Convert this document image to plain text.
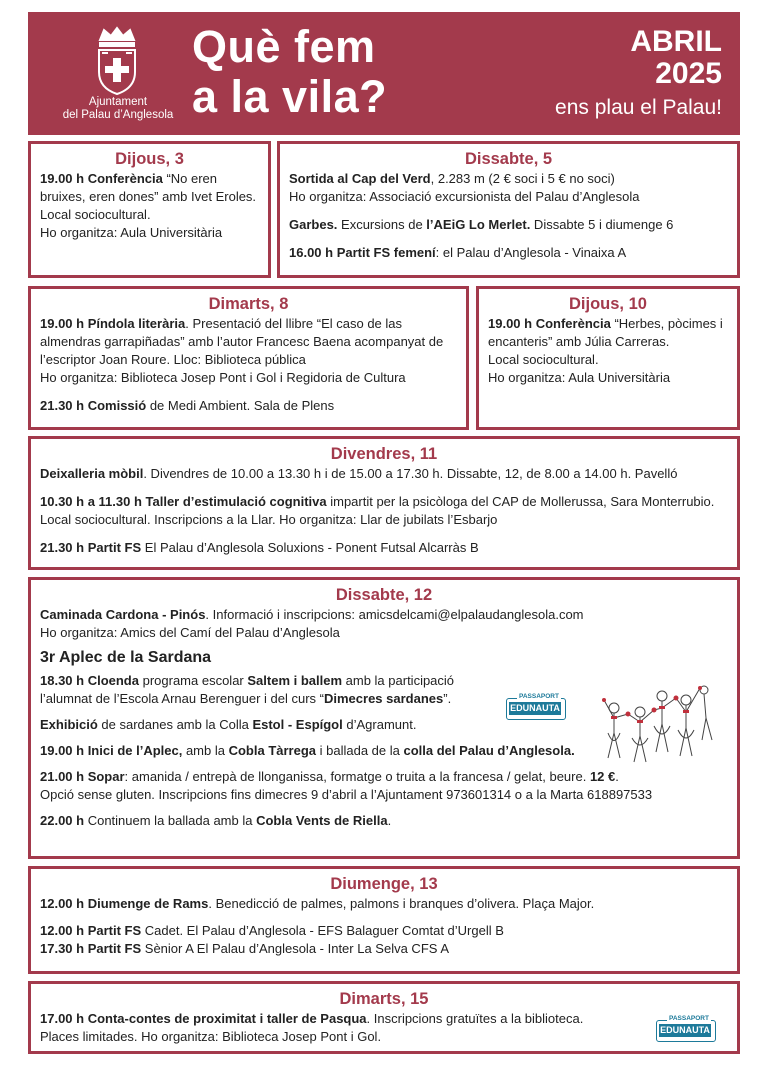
Ajuntament
del Palau d’Anglesola
Què fem
a la vila?
ABRIL
2025
ens plau el Palau!
Dijous, 3

19.00 h Conferència “No eren bruixes, eren dones” amb Ivet Eroles.

Local sociocultural.

Ho organitza: Aula Universitària

Dissabte, 5

Sortida al Cap del Verd, 2.283 m (2 € soci i 5 € no soci)

Ho organitza: Associació excursionista del Palau d’Anglesola

Garbes. Excursions de l’AEiG Lo Merlet. Dissabte 5 i diumenge 6

16.00 h Partit FS femení: el Palau d’Anglesola - Vinaixa A

Dimarts, 8

19.00 h Píndola literària. Presentació del llibre “El caso de las almendras garrapiñadas” amb l’autor Francesc Baena acompanyat de l’escriptor Joan Roure. Lloc: Biblioteca pública

Ho organitza: Biblioteca Josep Pont i Gol i Regidoria de Cultura

21.30 h Comissió de Medi Ambient. Sala de Plens

Dijous, 10

19.00 h Conferència “Herbes, pòcimes i encanteris” amb Júlia Carreras.

Local sociocultural.

Ho organitza: Aula Universitària

Divendres, 11

Deixalleria mòbil. Divendres de 10.00 a 13.30 h i de 15.00 a 17.30 h. Dissabte, 12, de 8.00 a 14.00 h. Pavelló

10.30 h a 11.30 h Taller d’estimulació cognitiva impartit per la psicòloga del CAP de Mollerussa, Sara Monterrubio. Local sociocultural. Inscripcions a la Llar. Ho organitza: Llar de jubilats l’Esbarjo

21.30 h Partit FS El Palau d’Anglesola Soluxions - Ponent Futsal Alcarràs B

Dissabte, 12

Caminada Cardona - Pinós. Informació i inscripcions: amicsdelcami@elpalaudanglesola.com

Ho organitza: Amics del Camí del Palau d’Anglesola

3r Aplec de la Sardana

18.30 h Cloenda programa escolar Saltem i ballem amb la participació l’alumnat de l’Escola Arnau Berenguer i del curs “Dimecres sardanes”.

Exhibició de sardanes amb la Colla Estol - Espígol d’Agramunt.

19.00 h Inici de l’Aplec, amb la Cobla Tàrrega i ballada de la colla del Palau d’Anglesola.

21.00 h Sopar: amanida / entrepà de llonganissa, formatge o truita a la francesa / gelat, beure. 12 €.

Opció sense gluten. Inscripcions fins dimecres 9 d’abril a l’Ajuntament 973601314 o a la Marta 618897533

22.00 h Continuem la ballada amb la Cobla Vents de Riella.

PASSAPORT
EDUNAUTA
Diumenge, 13

12.00 h Diumenge de Rams. Benedicció de palmes, palmons i branques d’olivera. Plaça Major.

12.00 h Partit FS Cadet. El Palau d’Anglesola - EFS Balaguer Comtat d’Urgell B

17.30 h Partit FS Sènior A El Palau d’Anglesola - Inter La Selva CFS A

Dimarts, 15

17.00 h Conta-contes de proximitat i taller de Pasqua. Inscripcions gratuïtes a la biblioteca.

Places limitades. Ho organitza: Biblioteca Josep Pont i Gol.

PASSAPORT
EDUNAUTA
